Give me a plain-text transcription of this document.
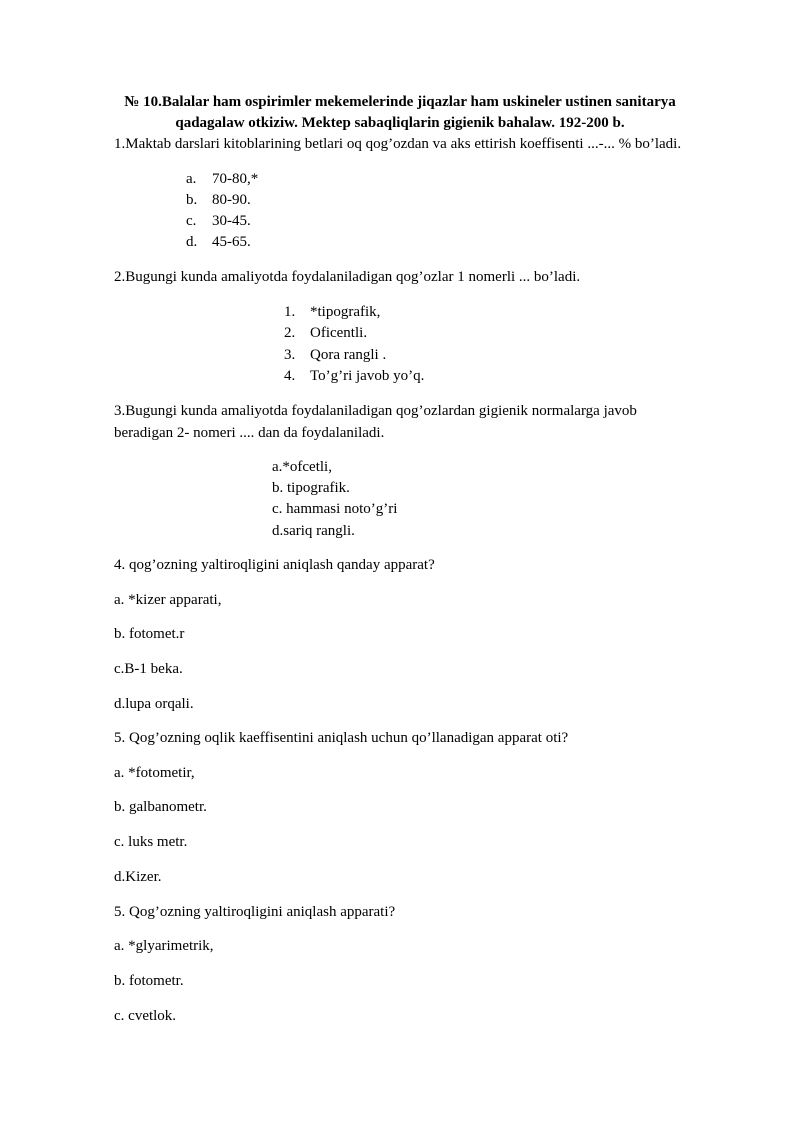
№ 10.Balalar ham ospirimler mekemelerinde jiqazlar ham uskineler ustinen sanitarya
qadagalaw otkiziw. Mektep sabaqliqlarin gigienik bahalaw. 192-200 b.
1.Maktab darslari kitoblarining betlari oq qog’ozdan va aks ettirish koeffisenti ...-... % bo’ladi.
a. 70-80,*
b. 80-90.
c. 30-45.
d. 45-65.
2.Bugungi kunda amaliyotda foydalaniladigan qog’ozlar 1 nomerli ... bo’ladi.
1. *tipografik,
2. Oficentli.
3. Qora rangli .
4. To’g’ri javob yo’q.
3.Bugungi kunda amaliyotda foydalaniladigan qog’ozlardan gigienik normalarga javob
beradigan 2- nomeri .... dan da foydalaniladi.
a.*ofcetli,
b. tipografik.
c. hammasi noto’g’ri
d.sariq rangli.
4. qog’ozning yaltiroqligini aniqlash qanday apparat?
a. *kizer apparati,
b. fotomet.r
c.B-1 beka.
d.lupa orqali.
5. Qog’ozning oqlik kaeffisentini aniqlash uchun qo’llanadigan apparat oti?
a. *fotometir,
b. galbanometr.
c. luks metr.
d.Kizer.
5. Qog’ozning yaltiroqligini aniqlash apparati?
a. *glyarimetrik,
b. fotometr.
c. cvetlok.
